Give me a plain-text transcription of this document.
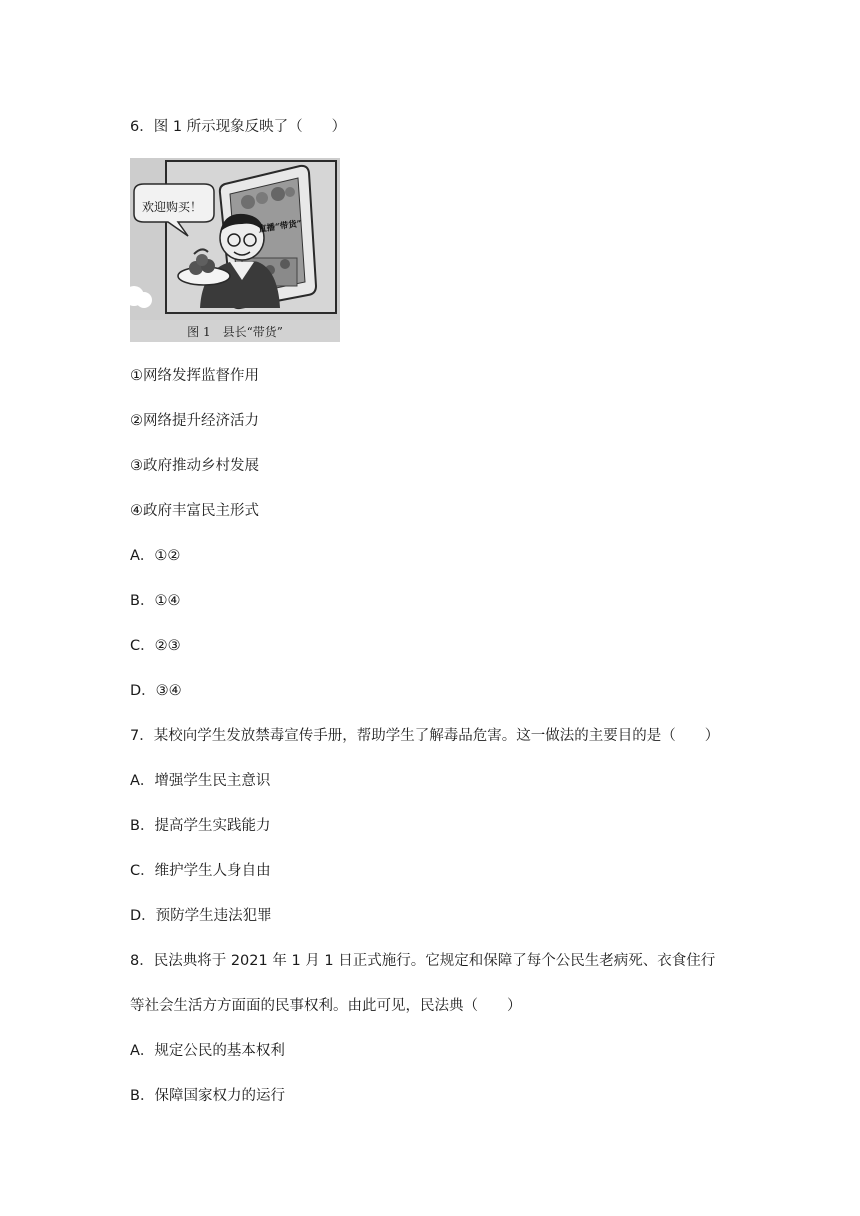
6．图 1 所示现象反映了（　　）
欢迎购买！
直播“带货”
图 1　县长“带货”
①网络发挥监督作用
②网络提升经济活力
③政府推动乡村发展
④政府丰富民主形式
A．①②
B．①④
C．②③
D．③④
7．某校向学生发放禁毒宣传手册，帮助学生了解毒品危害。这一做法的主要目的是（　　）
A．增强学生民主意识
B．提高学生实践能力
C．维护学生人身自由
D．预防学生违法犯罪
8．民法典将于 2021 年 1 月 1 日正式施行。它规定和保障了每个公民生老病死、衣食住行
等社会生活方方面面的民事权利。由此可见，民法典（　　）
A．规定公民的基本权利
B．保障国家权力的运行
